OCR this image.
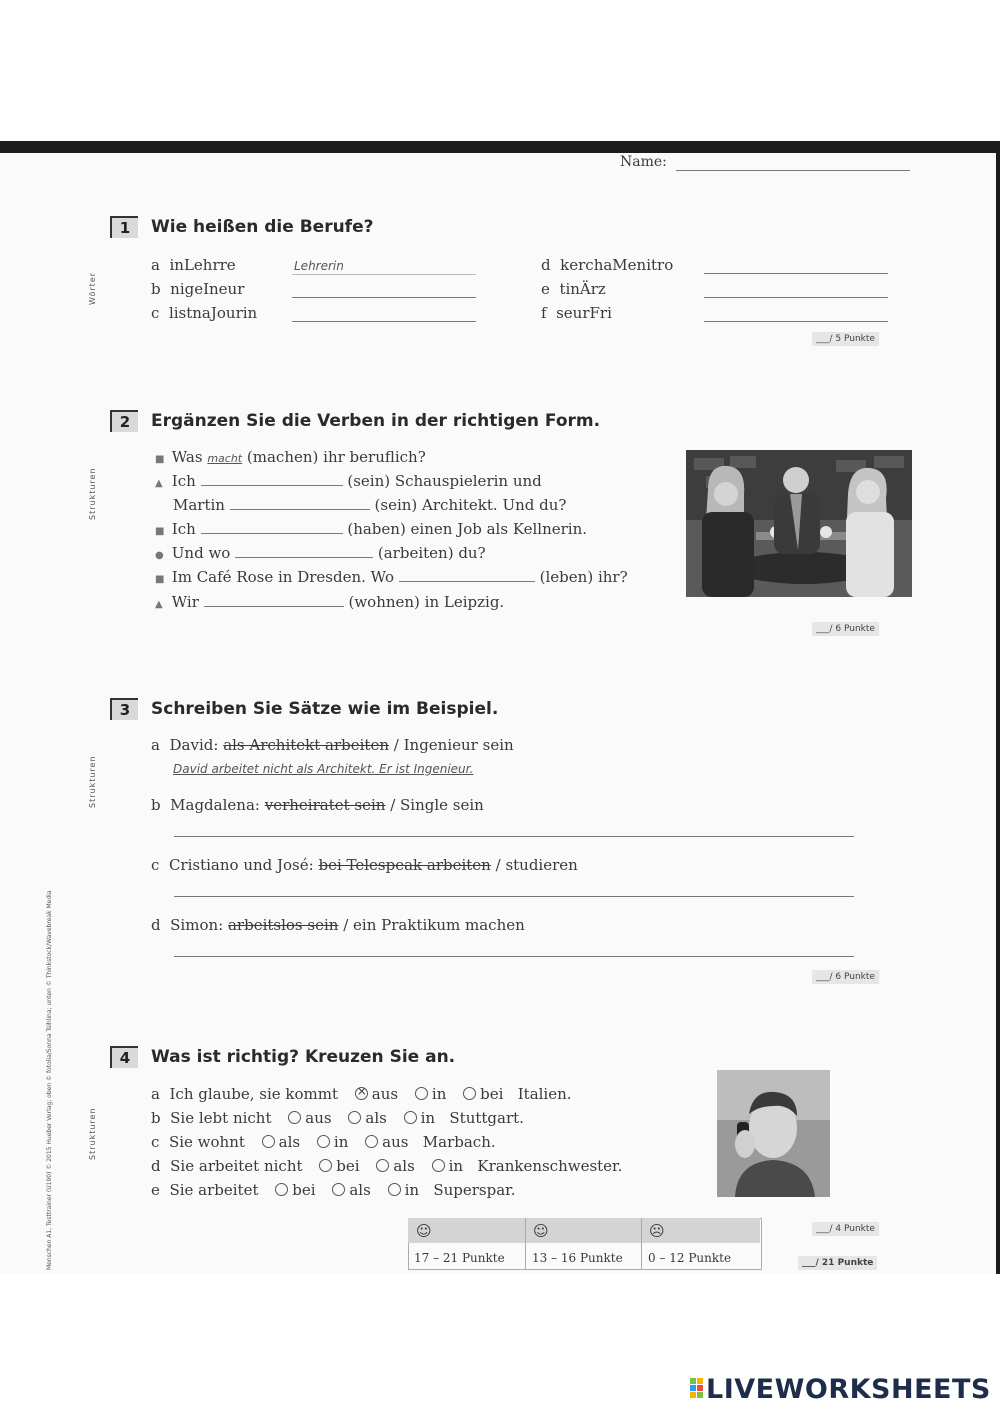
Name:
Wörter
Strukturen
Strukturen
Strukturen
Menschen A1, Testtrainer (U190) © 2015 Hueber Verlag; oben © fotolia/Sonna Tsihlina; unten © Thinkstock/Wavebreak Media
1	Wie heißen die Berufe?
a inLehrre	Lehrerin
b nigeIneur
c listnaJourin
d kerchaMenitro
e tinÄrz
f seurFri
___/ 5 Punkte
2	Ergänzen Sie die Verben in der richtigen Form.
■ Was macht (machen) ihr beruflich?
▲ Ich	(sein) Schauspielerin und
Martin	(sein) Architekt. Und du?
■ Ich	(haben) einen Job als Kellnerin.
● Und wo	(arbeiten) du?
■ Im Café Rose in Dresden. Wo	(leben) ihr?
▲ Wir	(wohnen) in Leipzig.
___/ 6 Punkte
3	Schreiben Sie Sätze wie im Beispiel.
a David: als Architekt arbeiten / Ingenieur sein
David arbeitet nicht als Architekt. Er ist Ingenieur.
b Magdalena: verheiratet sein / Single sein
c Cristiano und José: bei Telespeak arbeiten / studieren
d Simon: arbeitslos sein / ein Praktikum machen
___/ 6 Punkte
4	Was ist richtig? Kreuzen Sie an.
a Ich glaube, sie kommt × aus in bei Italien.
b Sie lebt nicht aus als in Stuttgart.
c Sie wohnt als in aus Marbach.
d Sie arbeitet nicht bei als in Krankenschwester.
e Sie arbeitet bei als in Superspar.
☺	☺	☹
17 – 21 Punkte 13 – 16 Punkte 0 – 12 Punkte
___/ 4 Punkte
___/ 21 Punkte
LIVEWORKSHEETS
